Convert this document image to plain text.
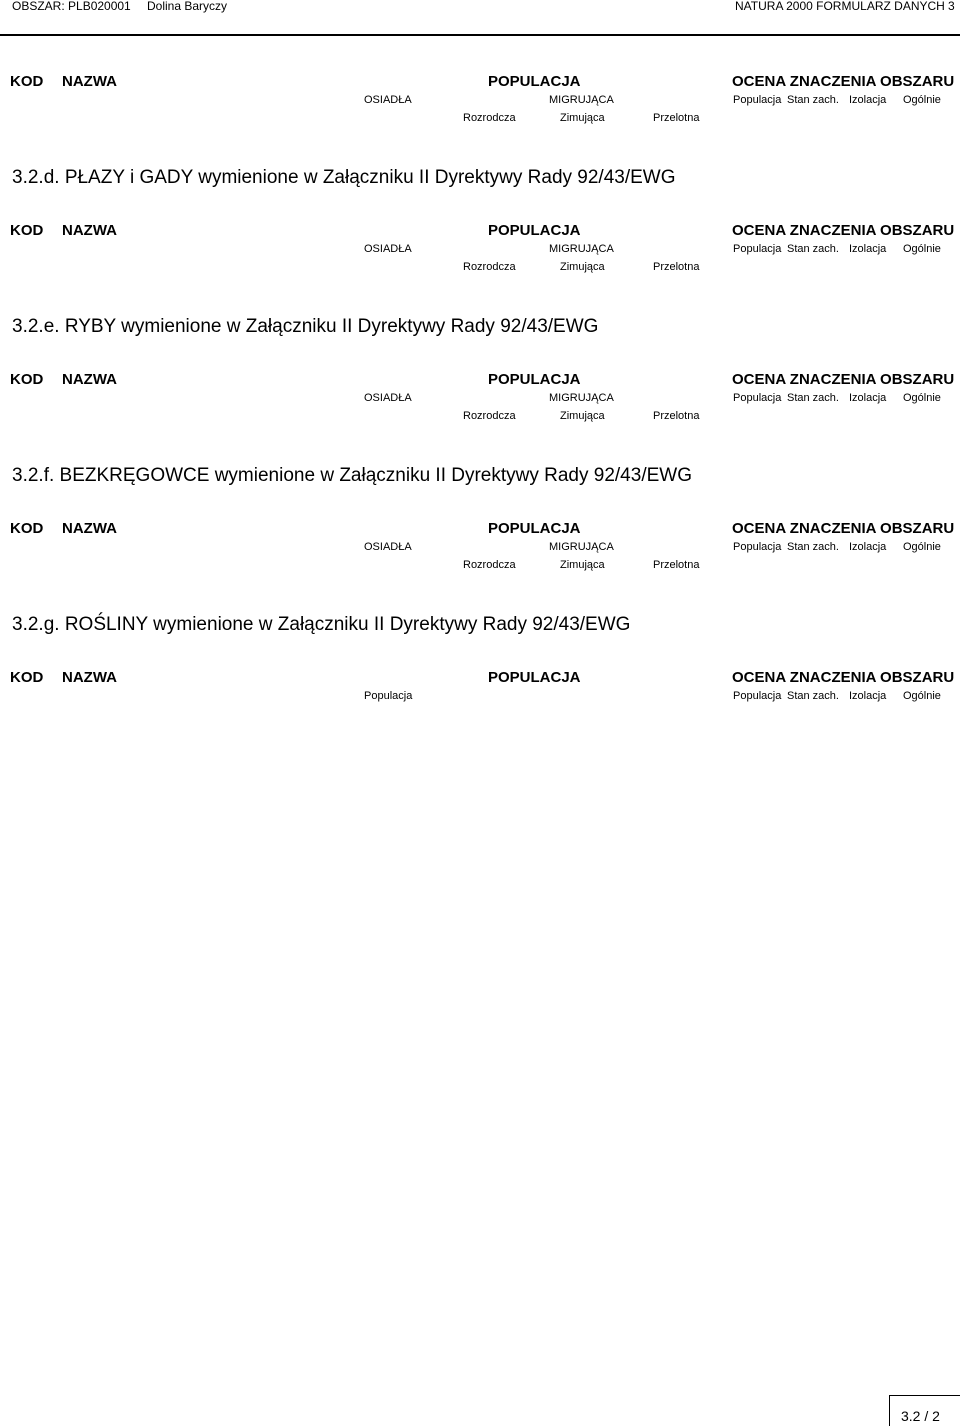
OBSZAR: PLB020001 Dolina Baryczy	NATURA 2000 FORMULARZ DANYCH 3
KOD NAZWA	POPULACJA	OCENA ZNACZENIA OBSZARU
OSIADŁA	MIGRUJĄCA	Populacja Stan zach. Izolacja Ogólnie
Rozrodcza	Zimująca	Przelotna
3.2.d. PŁAZY i GADY wymienione w Załączniku II Dyrektywy Rady 92/43/EWG
KOD NAZWA	POPULACJA	OCENA ZNACZENIA OBSZARU
OSIADŁA	MIGRUJĄCA	Populacja Stan zach. Izolacja Ogólnie
Rozrodcza	Zimująca	Przelotna
3.2.e. RYBY wymienione w Załączniku II Dyrektywy Rady 92/43/EWG
KOD NAZWA	POPULACJA	OCENA ZNACZENIA OBSZARU
OSIADŁA	MIGRUJĄCA	Populacja Stan zach. Izolacja Ogólnie
Rozrodcza	Zimująca	Przelotna
3.2.f. BEZKRĘGOWCE wymienione w Załączniku II Dyrektywy Rady 92/43/EWG
KOD NAZWA	POPULACJA	OCENA ZNACZENIA OBSZARU
OSIADŁA	MIGRUJĄCA	Populacja Stan zach. Izolacja Ogólnie
Rozrodcza	Zimująca	Przelotna
3.2.g. ROŚLINY wymienione w Załączniku II Dyrektywy Rady 92/43/EWG
KOD NAZWA	POPULACJA	OCENA ZNACZENIA OBSZARU
Populacja	Populacja Stan zach. Izolacja Ogólnie
3.2 / 2
